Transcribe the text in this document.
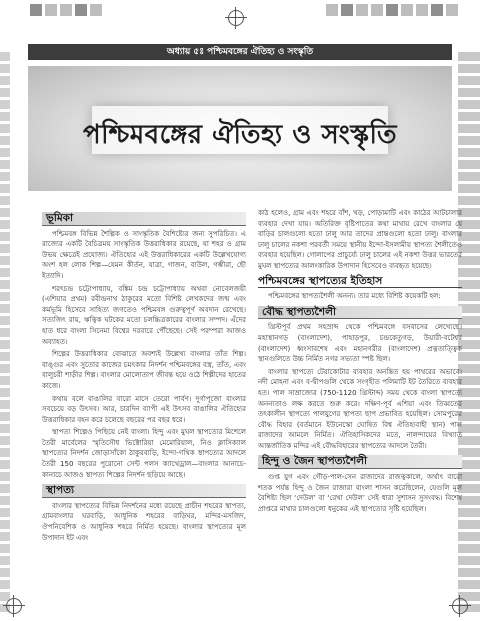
অধ্যায় ৫ঃ পশ্চিমবঙ্গের ঐতিহ্য ও সংস্কৃতি
পশ্চিমবঙ্গের ঐতিহ্য ও সংস্কৃতি
ভূমিকা

পশ্চিমবঙ্গ বিভিন্ন শৈল্পিক ও সাংস্কৃতিক বৈশিষ্ট্যের জন্য সুপরিচিত। এ রাজ্যের একটি বৈচিত্রময় সাংস্কৃতিক উত্তরাধিকার রয়েছে, যা শহর ও গ্রাম উভয় ক্ষেত্রেই প্রযোজ্য। ঐতিহ্যের এই উত্তরাধিকারের একটি উল্লেখযোগ্য অংশ হল লোক শিল্প—যেমন কীর্তন, যাত্রা, গাজন, বাউল, গম্ভীরা, ছৌ ইত্যাদি।

শরৎচন্দ্র চট্টোপাধ্যায়, বঙ্কিম চন্দ্র চট্টোপাধ্যায় অথবা নোবেলজয়ী (এশিয়ার প্রথম) রবীন্দ্রনাথ ঠাকুরের মতো বিশিষ্ট লেখকদের জন্ম এবং কর্মভূমি হিসেবে সাহিত্য জগতেও পশ্চিমবঙ্গ গুরুত্বপূর্ণ অবদান রেখেছে। সত্যজিৎ রায়, ঋত্বিক ঘটকের মতো চলচ্চিত্রকারের বাংলার সম্পদ। এঁদের হাত ধরে বাংলা সিনেমা বিশ্বের দরবারে পৌঁছেছে। সেই পরম্পরা আজও অব্যাহত।

শিল্পের উত্তরাধিকার বোঝাতে অবশ্যই উল্লেখ্য বাংলার তাঁত শিল্প। বাঙ্গুর এবং সুতোর কাজের চমৎকার নিদর্শন পশ্চিমবঙ্গের বস্ত্র, তাঁত, এবং বালুচরী শাড়ীর শিল্প। বাংলার মোলোতাপ জীবন্ত হয়ে ওঠে শিল্পীদের হাতের কাজে।

কথায় বলে বাঙালির বারো মাসে তেরো পার্বণ। দুর্গাপূজো বাংলার সবচেয়ে বড় উৎসব। আর, চারদিন ব্যাপী এই উৎসব বাঙালির ঐতিহ্যের উত্তরাধিকার বহন করে চলেছে বছরের পর বছর ধরে।

স্থাপত্য শিল্পেও পিছিয়ে নেই বাংলা। হিন্দু এবং মুঘল স্থাপত্যের মিশেলে তৈরী মার্বেলের স্মৃতিসৌধ ভিক্টোরিয়া মেমোরিয়াল, নিও ক্লাসিক্যাল স্থাপত্যের নিদর্শন জোড়াসাঁকো ঠাকুরবাড়ি, ইন্দো-গথিক স্থাপত্যের আদলে তৈরী 150 বছরের পুরোনো সেন্ট পলস ক্যাথেড্রাল—বাংলার আনাচে-কানাচে আজও স্থাপত্য শিল্পের নিদর্শন ছড়িয়ে আছে।

স্থাপত্য

বাংলার স্থাপত্যের বিভিন্ন নিদর্শনের মধ্যে রয়েছে প্রাচীন শহরের স্থাপত্য, গ্রামবাংলার ঘরবাড়ি, আধুনিক শহরের বাড়িঘর, মন্দির-মসজিদ, ঔপনিবেশিক ও আধুনিক শহরে নির্মিত হয়েছে। বাংলার স্থাপত্যের মূল উপাদান ইট এবং

কাঠ হলেও, গ্রাম এবং শহরে বাঁশ, খড়, পোড়ামাটি এবং কাঠের আটচালার ব্যবহার দেখা যায়। অতিরিক্ত বৃষ্টিপাতের কথা মাথায় রেখে বাংলার যে বাড়ির চালগুলো হতো ঢালু আর তাদের প্রান্তগুলো হতো ঢালু। বাংলার ঢালু চালের নকশা পরবর্তী সময়ে স্থানীয় ইন্দো-ইসলামীয় স্থাপত্য শৈলীতেও ব্যবহার হয়েছিল। গোলাপের প্রাচুর্য্যে ঢালু চালের এই নকশা উত্তর ভারতের মুঘল স্থাপত্যের আলংকারিক উপাদান হিসেবেও ব্যবহৃত হয়েছে।

পশ্চিমবঙ্গের স্থাপত্যের ইতিহাস

পশ্চিমবঙ্গের স্থাপত্যশৈলী অনন্য। তার মধ্যে বিশিষ্ট কয়েকটি হল:

বৌদ্ধ স্থাপত্যশৈলী

খ্রিস্টপূর্ব প্রথম সহস্রাব্দ থেকে পশ্চিমবঙ্গে বসবাসের লেখ্যেছে। মহাস্থানগড় (বাংলাদেশ), পাহাড়পুর, চন্দ্রকেতুগড়, উয়ারী-বটেশ্বর (বাংলাদেশ) ধ্বংসাবশেষ এবং মহানগরীর (বাংলাদেশ) প্রত্নতাত্ত্বিক স্থানগুলিতে উচ্চ নির্মিত নগর সভ্যতা স্পষ্ট ছিল।

বাংলার স্থাপত্যে টেরাকোটার ব্যবহার অনন্তিত হয় পাথরের অভাবে। নদী মোহনা এবং ব-দ্বীপগুলি থেকে সংগৃহীত পলিমাটি ইট তৈরিতে ব্যবহার হত। পাল সাম্রাজ্যের (750-1120 খ্রিস্টাব্দ) সময় থেকে বাংলা স্থাপত্যে অনন্যতাও লক্ষ করতে শুরু করে। দক্ষিণ-পূর্ব এশিয়া এবং তিব্বতের তৎকালীন স্থাপত্যে পালযুগের স্থাপত্য ছাপ প্রভাবিত হয়েছিল। সোমপুরের বৌদ্ধ বিহার (বর্তমানে ইউনেস্কো ঘোষিত বিশ্ব ঐতিহ্যবাহী স্থান) পাল রাজাদের আমলে নির্মিত। ঐতিহাসিকদের মতে, নালন্দায়ের বিখ্যাত আন্তর্জাতিক মন্দির এই বৌদ্ধবিহারের স্থাপত্যের আদলে তৈরী।

হিন্দু ও জৈন স্থাপত্যশৈলী

গুপ্ত যুগ এবং গৌড়-পাল-সেন রাজাদের রাজত্বকালে, অর্থাৎ বারো শতক পর্যন্ত হিন্দু ও জৈন রাজারা বাংলা শাসন করেছিলেন, যেগুলি মূল বৈশিষ্ট্য ছিল ‘দেউল’ বা ‘রেখা দেউল’ সেই ধারা সুশাসন সুসংবদ্ধ। বিশেষ প্রাপ্তরে মাথার চালগুলো ধনুকের এই স্থাপত্যের সৃষ্টি হয়েছিল।
